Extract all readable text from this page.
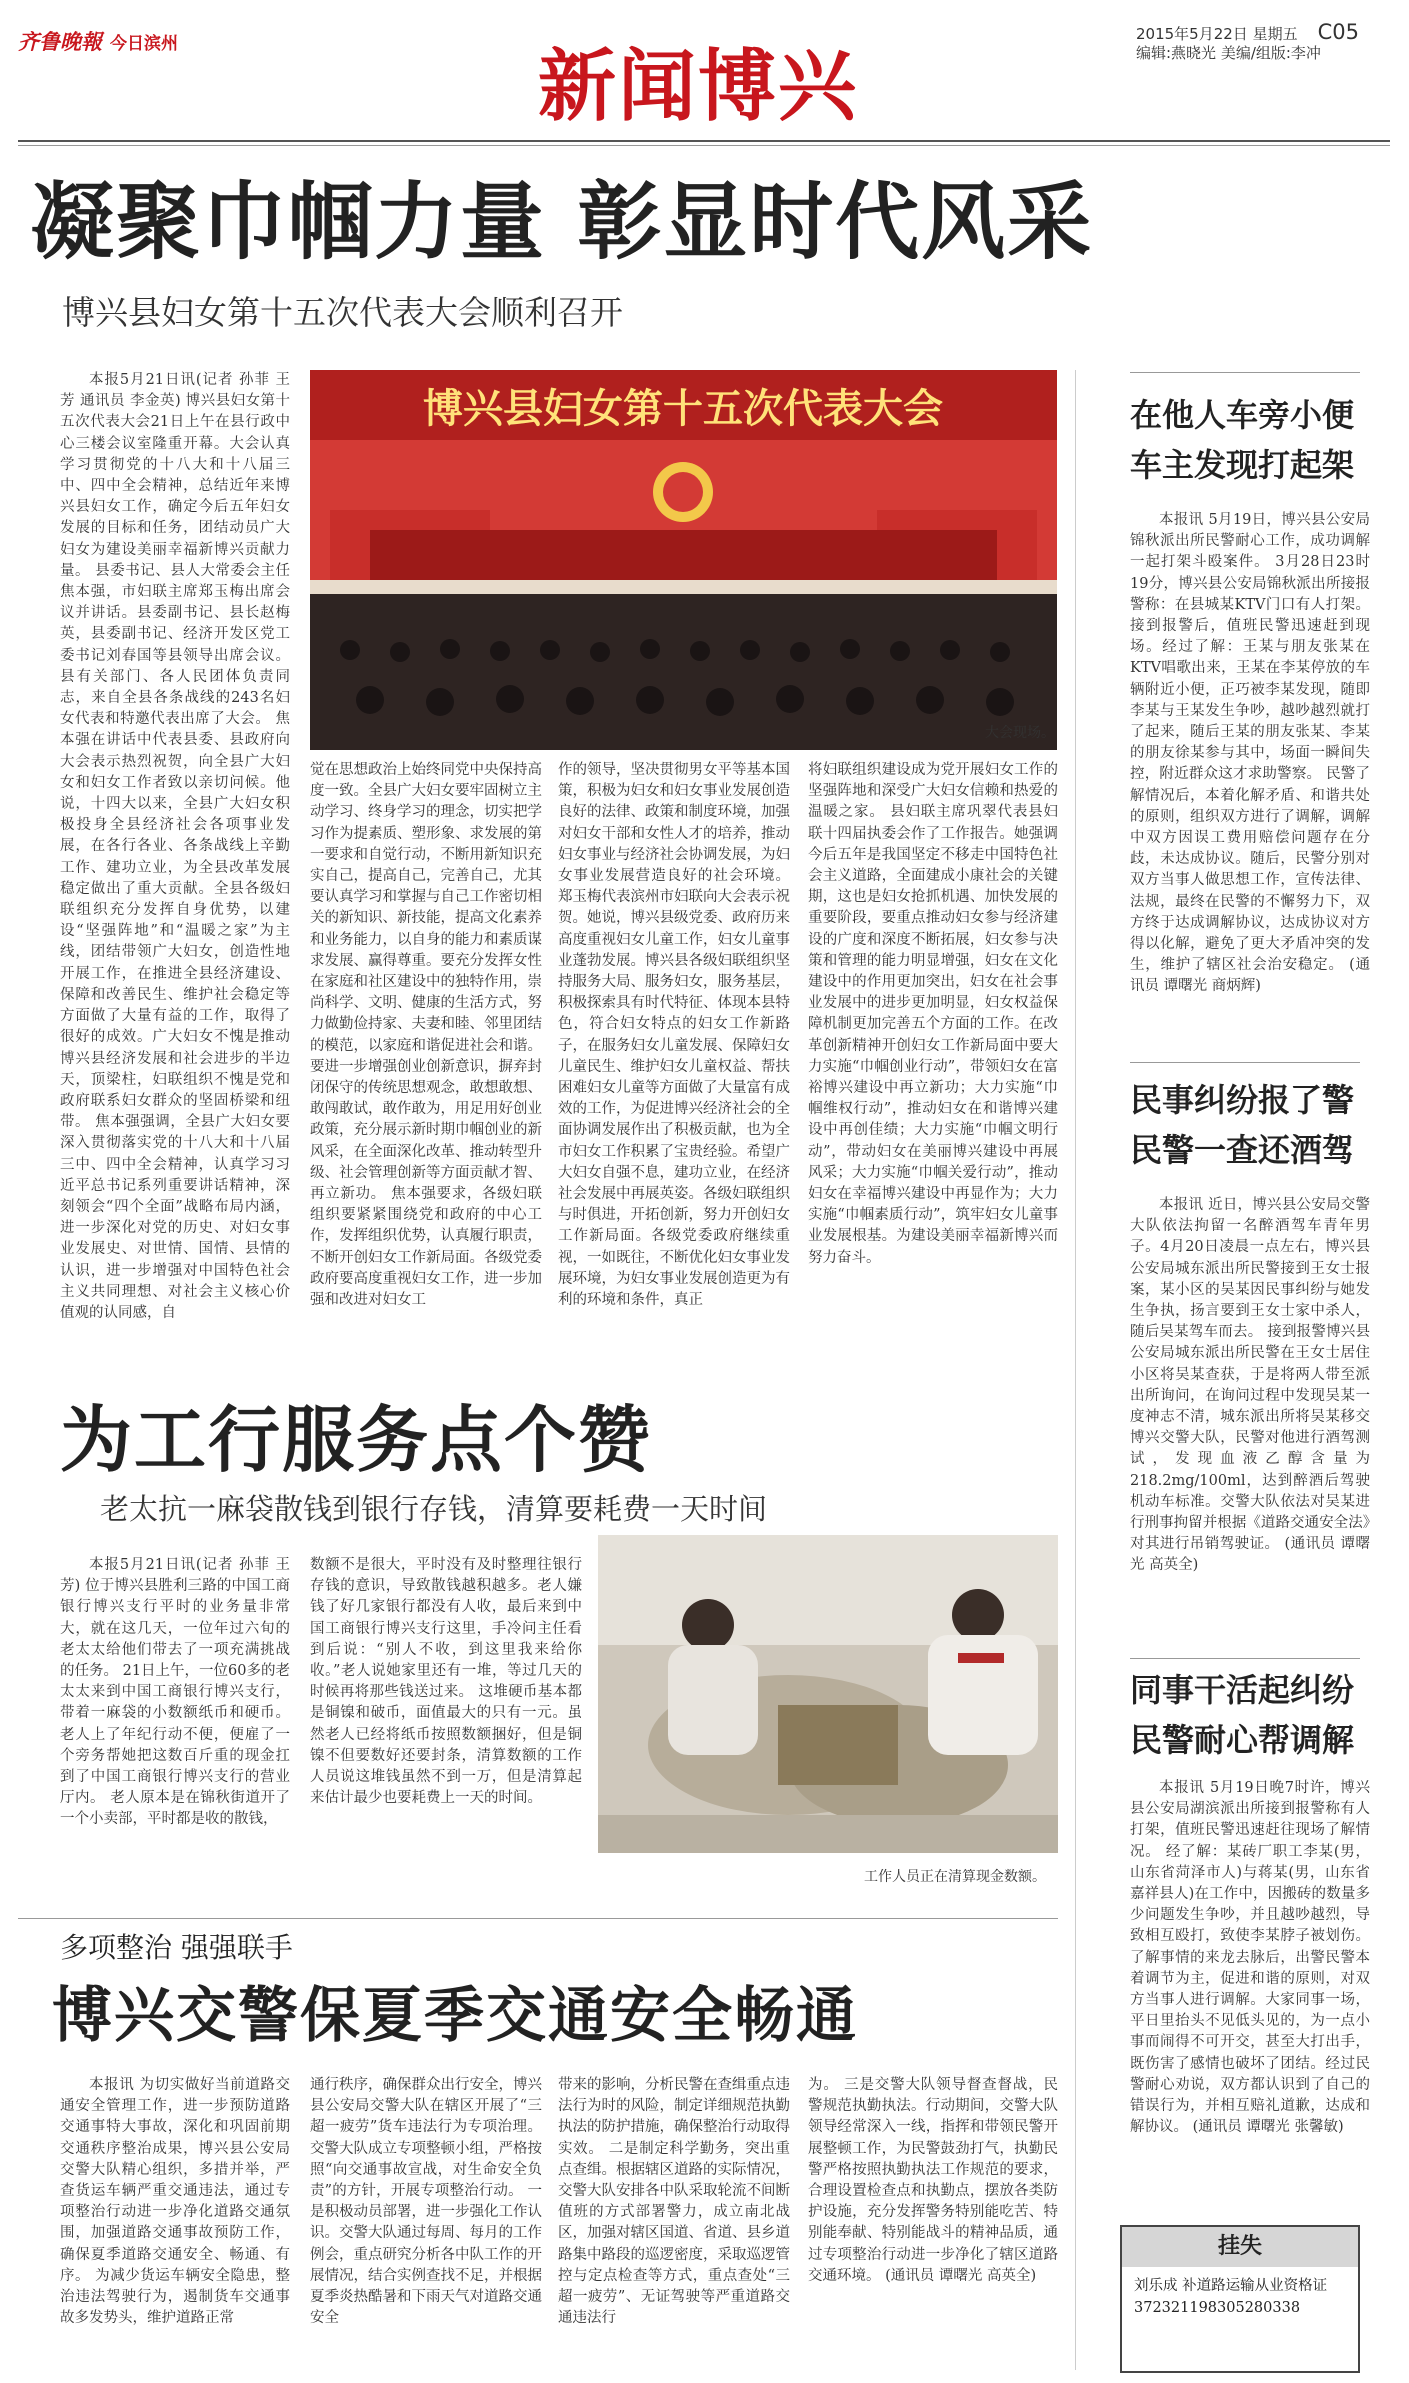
齐鲁晚報 今日滨州	新闻博兴
2015年5月22日 星期五 C05
编辑:燕晓光 美编/组版:李冲
凝聚巾帼力量 彰显时代风采
博兴县妇女第十五次代表大会顺利召开
博兴县妇女第十五次代表大会
大会现场。

本报5月21日讯(记者 孙菲 王芳 通讯员 李金英) 博兴县妇女第十五次代表大会21日上午在县行政中心三楼会议室隆重开幕。大会认真学习贯彻党的十八大和十八届三中、四中全会精神，总结近年来博兴县妇女工作，确定今后五年妇女发展的目标和任务，团结动员广大妇女为建设美丽幸福新博兴贡献力量。 县委书记、县人大常委会主任焦本强，市妇联主席郑玉梅出席会议并讲话。县委副书记、县长赵梅英，县委副书记、经济开发区党工委书记刘春国等县领导出席会议。县有关部门、各人民团体负责同志，来自全县各条战线的243名妇女代表和特邀代表出席了大会。 焦本强在讲话中代表县委、县政府向大会表示热烈祝贺，向全县广大妇女和妇女工作者致以亲切问候。他说，十四大以来，全县广大妇女积极投身全县经济社会各项事业发展，在各行各业、各条战线上辛勤工作、建功立业，为全县改革发展稳定做出了重大贡献。全县各级妇联组织充分发挥自身优势，以建设“坚强阵地”和“温暖之家”为主线，团结带领广大妇女，创造性地开展工作，在推进全县经济建设、保障和改善民生、维护社会稳定等方面做了大量有益的工作，取得了很好的成效。广大妇女不愧是推动博兴县经济发展和社会进步的半边天，顶梁柱，妇联组织不愧是党和政府联系妇女群众的坚固桥梁和纽带。 焦本强强调，全县广大妇女要深入贯彻落实党的十八大和十八届三中、四中全会精神，认真学习习近平总书记系列重要讲话精神，深刻领会“四个全面”战略布局内涵，进一步深化对党的历史、对妇女事业发展史、对世情、国情、县情的认识，进一步增强对中国特色社会主义共同理想、对社会主义核心价值观的认同感，自

觉在思想政治上始终同党中央保持高度一致。全县广大妇女要牢固树立主动学习、终身学习的理念，切实把学习作为提素质、塑形象、求发展的第一要求和自觉行动，不断用新知识充实自己，提高自己，完善自己，尤其要认真学习和掌握与自己工作密切相关的新知识、新技能，提高文化素养和业务能力，以自身的能力和素质谋求发展、赢得尊重。要充分发挥女性在家庭和社区建设中的独特作用，崇尚科学、文明、健康的生活方式，努力做勤俭持家、夫妻和睦、邻里团结的模范，以家庭和谐促进社会和谐。要进一步增强创业创新意识，摒弃封闭保守的传统思想观念，敢想敢想、敢闯敢试，敢作敢为，用足用好创业政策，充分展示新时期巾帼创业的新风采，在全面深化改革、推动转型升级、社会管理创新等方面贡献才智、再立新功。 焦本强要求，各级妇联组织要紧紧围绕党和政府的中心工作，发挥组织优势，认真履行职责，不断开创妇女工作新局面。各级党委政府要高度重视妇女工作，进一步加强和改进对妇女工

作的领导，坚决贯彻男女平等基本国策，积极为妇女和妇女事业发展创造良好的法律、政策和制度环境，加强对妇女干部和女性人才的培养，推动妇女事业与经济社会协调发展，为妇女事业发展营造良好的社会环境。 郑玉梅代表滨州市妇联向大会表示祝贺。她说，博兴县级党委、政府历来高度重视妇女儿童工作，妇女儿童事业蓬勃发展。博兴县各级妇联组织坚持服务大局、服务妇女，服务基层，积极探索具有时代特征、体现本县特色，符合妇女特点的妇女工作新路子，在服务妇女儿童发展、保障妇女儿童民生、维护妇女儿童权益、帮扶困难妇女儿童等方面做了大量富有成效的工作，为促进博兴经济社会的全面协调发展作出了积极贡献，也为全市妇女工作积累了宝贵经验。希望广大妇女自强不息，建功立业，在经济社会发展中再展英姿。各级妇联组织与时俱进，开拓创新，努力开创妇女工作新局面。各级党委政府继续重视，一如既往，不断优化妇女事业发展环境，为妇女事业发展创造更为有利的环境和条件，真正

将妇联组织建设成为党开展妇女工作的坚强阵地和深受广大妇女信赖和热爱的温暖之家。 县妇联主席巩翠代表县妇联十四届执委会作了工作报告。她强调今后五年是我国坚定不移走中国特色社会主义道路，全面建成小康社会的关键期，这也是妇女抢抓机遇、加快发展的重要阶段，要重点推动妇女参与经济建设的广度和深度不断拓展，妇女参与决策和管理的能力明显增强，妇女在文化建设中的作用更加突出，妇女在社会事业发展中的进步更加明显，妇女权益保障机制更加完善五个方面的工作。在改革创新精神开创妇女工作新局面中要大力实施“巾帼创业行动”，带领妇女在富裕博兴建设中再立新功；大力实施“巾帼维权行动”，推动妇女在和谐博兴建设中再创佳绩；大力实施“巾帼文明行动”，带动妇女在美丽博兴建设中再展风采；大力实施“巾帼关爱行动”，推动妇女在幸福博兴建设中再显作为；大力实施“巾帼素质行动”，筑牢妇女儿童事业发展根基。为建设美丽幸福新博兴而努力奋斗。

为工行服务点个赞
老太抗一麻袋散钱到银行存钱，清算要耗费一天时间

本报5月21日讯(记者 孙菲 王芳) 位于博兴县胜利三路的中国工商银行博兴支行平时的业务量非常大，就在这几天，一位年过六旬的老太太给他们带去了一项充满挑战的任务。 21日上午，一位60多的老太太来到中国工商银行博兴支行，带着一麻袋的小数额纸币和硬币。老人上了年纪行动不便，便雇了一个旁务帮她把这数百斤重的现金扛到了中国工商银行博兴支行的营业厅内。 老人原本是在锦秋街道开了一个小卖部，平时都是收的散钱，

数额不是很大，平时没有及时整理往银行存钱的意识，导致散钱越积越多。老人嫌钱了好几家银行都没有人收，最后来到中国工商银行博兴支行这里，手冷问主任看到后说：“别人不收，到这里我来给你收。”老人说她家里还有一堆，等过几天的时候再将那些钱送过来。 这堆硬币基本都是铜镍和破币，面值最大的只有一元。虽然老人已经将纸币按照数额捆好，但是铜镍不但要数好还要封条，清算数额的工作人员说这堆钱虽然不到一万，但是清算起来估计最少也要耗费上一天的时间。

工作人员正在清算现金数额。
多项整治 强强联手
博兴交警保夏季交通安全畅通

本报讯 为切实做好当前道路交通安全管理工作，进一步预防道路交通事特大事故，深化和巩固前期交通秩序整治成果，博兴县公安局交警大队精心组织，多措并举，严查货运车辆严重交通违法，通过专项整治行动进一步净化道路交通氛围，加强道路交通事故预防工作，确保夏季道路交通安全、畅通、有序。 为减少货运车辆安全隐患，整治违法驾驶行为，遏制货车交通事故多发势头，维护道路正常

通行秩序，确保群众出行安全，博兴县公安局交警大队在辖区开展了“三超一疲劳”货车违法行为专项治理。交警大队成立专项整顿小组，严格按照“向交通事故宣战，对生命安全负责”的方针，开展专项整治行动。 一是积极动员部署，进一步强化工作认识。交警大队通过每周、每月的工作例会，重点研究分析各中队工作的开展情况，结合实例查找不足，并根据夏季炎热酷暑和下雨天气对道路交通安全

带来的影响，分析民警在查缉重点违法行为时的风险，制定详细规范执勤执法的防护措施，确保整治行动取得实效。 二是制定科学勤务，突出重点查缉。根据辖区道路的实际情况，交警大队安排各中队采取轮流不间断值班的方式部署警力，成立南北战区，加强对辖区国道、省道、县乡道路集中路段的巡逻密度，采取巡逻管控与定点检查等方式，重点查处“三超一疲劳”、无证驾驶等严重道路交通违法行

为。 三是交警大队领导督查督战，民警规范执勤执法。行动期间，交警大队领导经常深入一线，指挥和带领民警开展整顿工作，为民警鼓劲打气，执勤民警严格按照执勤执法工作规范的要求，合理设置检查点和执勤点，摆放各类防护设施，充分发挥警务特别能吃苦、特别能奉献、特别能战斗的精神品质，通过专项整治行动进一步净化了辖区道路交通环境。 (通讯员 谭曙光 高英全)

在他人车旁小便 车主发现打起架

本报讯 5月19日，博兴县公安局锦秋派出所民警耐心工作，成功调解一起打架斗殴案件。 3月28日23时19分，博兴县公安局锦秋派出所接报警称：在县城某KTV门口有人打架。接到报警后，值班民警迅速赶到现场。经过了解：王某与朋友张某在KTV唱歌出来，王某在李某停放的车辆附近小便，正巧被李某发现，随即李某与王某发生争吵，越吵越烈就打了起来，随后王某的朋友张某、李某的朋友徐某参与其中，场面一瞬间失控，附近群众这才求助警察。 民警了解情况后，本着化解矛盾、和谐共处的原则，组织双方进行了调解，调解中双方因误工费用赔偿问题存在分歧，未达成协议。随后，民警分别对双方当事人做思想工作，宣传法律、法规，最终在民警的不懈努力下，双方终于达成调解协议，达成协议对方得以化解，避免了更大矛盾冲突的发生，维护了辖区社会治安稳定。 (通讯员 谭曙光 商炳辉)

民事纠纷报了警 民警一查还酒驾

本报讯 近日，博兴县公安局交警大队依法拘留一名醉酒驾车青年男子。4月20日凌晨一点左右，博兴县公安局城东派出所民警接到王女士报案，某小区的吴某因民事纠纷与她发生争执，扬言要到王女士家中杀人，随后吴某驾车而去。 接到报警博兴县公安局城东派出所民警在王女士居住小区将吴某查获，于是将两人带至派出所询问，在询问过程中发现吴某一度神志不清，城东派出所将吴某移交博兴交警大队，民警对他进行酒驾测试，发现血液乙醇含量为218.2mg/100ml，达到醉酒后驾驶机动车标准。交警大队依法对吴某进行刑事拘留并根据《道路交通安全法》对其进行吊销驾驶证。 (通讯员 谭曙光 高英全)

同事干活起纠纷 民警耐心帮调解

本报讯 5月19日晚7时许，博兴县公安局湖滨派出所接到报警称有人打架，值班民警迅速赶往现场了解情况。 经了解：某砖厂职工李某(男，山东省菏泽市人)与蒋某(男，山东省嘉祥县人)在工作中，因搬砖的数量多少问题发生争吵，并且越吵越烈，导致相互殴打，致使李某脖子被划伤。 了解事情的来龙去脉后，出警民警本着调节为主，促进和谐的原则，对双方当事人进行调解。大家同事一场，平日里抬头不见低头见的，为一点小事而闹得不可开交，甚至大打出手，既伤害了感情也破坏了团结。经过民警耐心劝说，双方都认识到了自己的错误行为，并相互赔礼道歉，达成和解协议。 (通讯员 谭曙光 张馨敏)

挂失
刘乐成 补道路运输从业资格证 372321198305280338
